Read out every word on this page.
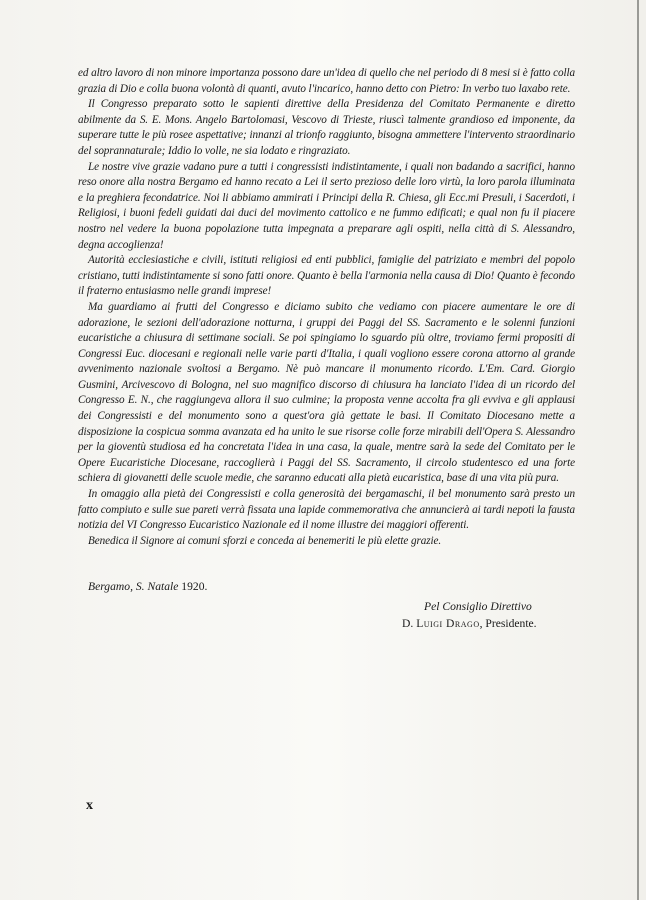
ed altro lavoro di non minore importanza possono dare un'idea di quello che nel periodo di 8 mesi si è fatto colla grazia di Dio e colla buona volontà di quanti, avuto l'incarico, hanno detto con Pietro: In verbo tuo laxabo rete.

Il Congresso preparato sotto le sapienti direttive della Presidenza del Comitato Permanente e diretto abilmente da S. E. Mons. Angelo Bartolomasi, Vescovo di Trieste, riuscì talmente grandioso ed imponente, da superare tutte le più rosee aspettative; innanzi al trionfo raggiunto, bisogna ammettere l'intervento straordinario del soprannaturale; Iddio lo volle, ne sia lodato e ringraziato.

Le nostre vive grazie vadano pure a tutti i congressisti indistintamente, i quali non badando a sacrifici, hanno reso onore alla nostra Bergamo ed hanno recato a Lei il serto prezioso delle loro virtù, la loro parola illuminata e la preghiera fecondatrice. Noi li abbiamo ammirati i Principi della R. Chiesa, gli Ecc.mi Presuli, i Sacerdoti, i Religiosi, i buoni fedeli guidati dai duci del movimento cattolico e ne fummo edificati; e qual non fu il piacere nostro nel vedere la buona popolazione tutta impegnata a preparare agli ospiti, nella città di S. Alessandro, degna accoglienza!

Autorità ecclesiastiche e civili, istituti religiosi ed enti pubblici, famiglie del patriziato e membri del popolo cristiano, tutti indistintamente si sono fatti onore. Quanto è bella l'armonia nella causa di Dio! Quanto è fecondo il fraterno entusiasmo nelle grandi imprese!

Ma guardiamo ai frutti del Congresso e diciamo subito che vediamo con piacere aumentare le ore di adorazione, le sezioni dell'adorazione notturna, i gruppi dei Paggi del SS. Sacramento e le solenni funzioni eucaristiche a chiusura di settimane sociali. Se poi spingiamo lo sguardo più oltre, troviamo fermi propositi di Congressi Euc. diocesani e regionali nelle varie parti d'Italia, i quali vogliono essere corona attorno al grande avvenimento nazionale svoltosi a Bergamo. Nè può mancare il monumento ricordo. L'Em. Card. Giorgio Gusmini, Arcivescovo di Bologna, nel suo magnifico discorso di chiusura ha lanciato l'idea di un ricordo del Congresso E. N., che raggiungeva allora il suo culmine; la proposta venne accolta fra gli evviva e gli applausi dei Congressisti e del monumento sono a quest'ora già gettate le basi. Il Comitato Diocesano mette a disposizione la cospicua somma avanzata ed ha unito le sue risorse colle forze mirabili dell'Opera S. Alessandro per la gioventù studiosa ed ha concretata l'idea in una casa, la quale, mentre sarà la sede del Comitato per le Opere Eucaristiche Diocesane, raccoglierà i Paggi del SS. Sacramento, il circolo studentesco ed una forte schiera di giovanetti delle scuole medie, che saranno educati alla pietà eucaristica, base di una vita più pura.

In omaggio alla pietà dei Congressisti e colla generosità dei bergamaschi, il bel monumento sarà presto un fatto compiuto e sulle sue pareti verrà fissata una lapide commemorativa che annuncierà ai tardi nepoti la fausta notizia del VI Congresso Eucaristico Nazionale ed il nome illustre dei maggiori offerenti.

Benedica il Signore ai comuni sforzi e conceda ai benemeriti le più elette grazie.

Bergamo, S. Natale 1920.
Pel Consiglio Direttivo
D. Luigi Drago, Presidente.
x
